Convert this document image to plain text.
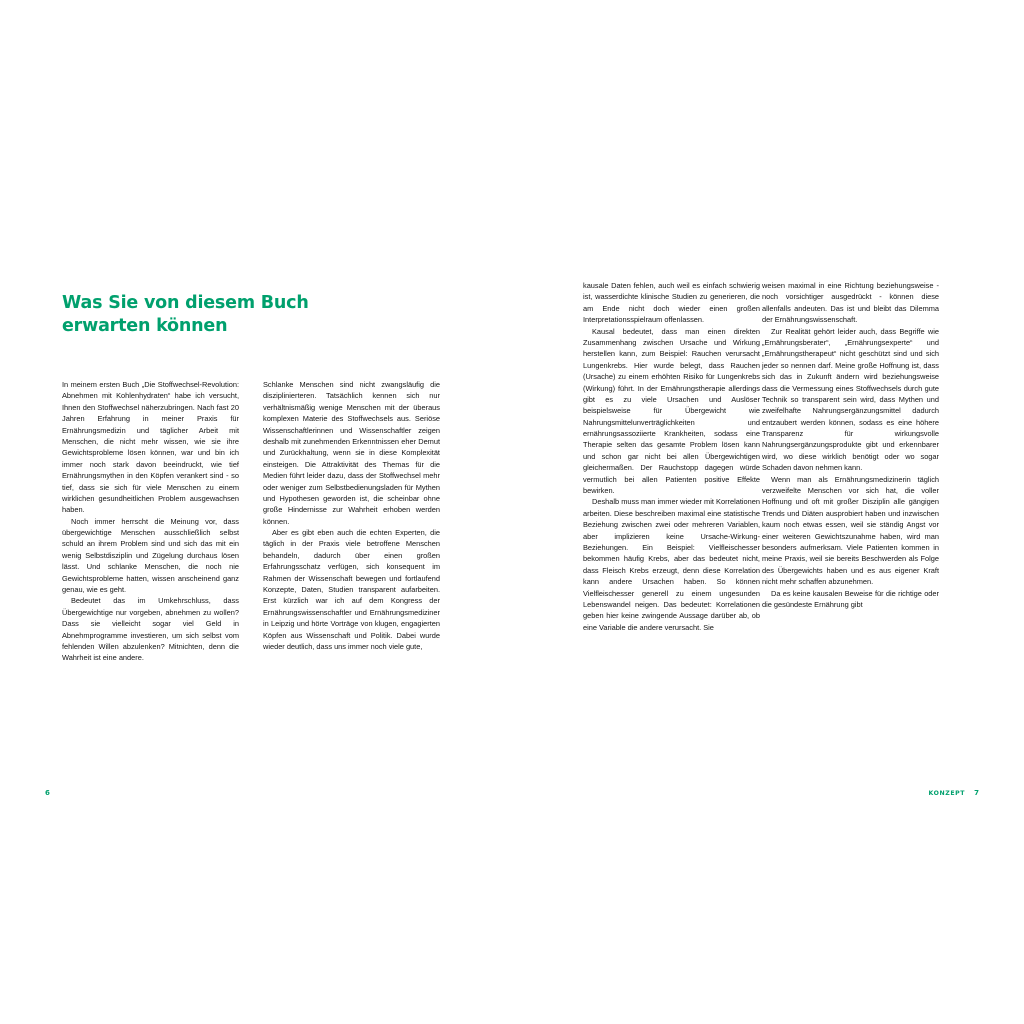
Was Sie von diesem Buch
erwarten können

In meinem ersten Buch „Die Stoffwechsel-Revolution: Abnehmen mit Kohlenhydraten“ habe ich versucht, Ihnen den Stoffwechsel näherzubringen. Nach fast 20 Jahren Erfahrung in meiner Praxis für Ernährungsmedizin und täglicher Arbeit mit Menschen, die nicht mehr wissen, wie sie ihre Gewichtsprobleme lösen können, war und bin ich immer noch stark davon beeindruckt, wie tief Ernährungsmythen in den Köpfen verankert sind - so tief, dass sie sich für viele Menschen zu einem wirklichen gesundheitlichen Problem ausgewachsen haben.

Noch immer herrscht die Meinung vor, dass übergewichtige Menschen ausschließlich selbst schuld an ihrem Problem sind und sich das mit ein wenig Selbstdisziplin und Zügelung durchaus lösen lässt. Und schlanke Menschen, die noch nie Gewichtsprobleme hatten, wissen anscheinend ganz genau, wie es geht.

Bedeutet das im Umkehrschluss, dass Übergewichtige nur vorgeben, abnehmen zu wollen? Dass sie vielleicht sogar viel Geld in Abnehmprogramme investieren, um sich selbst vom fehlenden Willen abzulenken? Mitnichten, denn die Wahrheit ist eine andere.

Schlanke Menschen sind nicht zwangsläufig die disziplinierteren. Tatsächlich kennen sich nur verhältnismäßig wenige Menschen mit der überaus komplexen Materie des Stoffwechsels aus. Seriöse Wissenschaftlerinnen und Wissenschaftler zeigen deshalb mit zunehmenden Erkenntnissen eher Demut und Zurückhaltung, wenn sie in diese Komplexität einsteigen. Die Attraktivität des Themas für die Medien führt leider dazu, dass der Stoffwechsel mehr oder weniger zum Selbstbedienungsladen für Mythen und Hypothesen geworden ist, die scheinbar ohne große Hindernisse zur Wahrheit erhoben werden können.

Aber es gibt eben auch die echten Experten, die täglich in der Praxis viele betroffene Menschen behandeln, dadurch über einen großen Erfahrungsschatz verfügen, sich konsequent im Rahmen der Wissenschaft bewegen und fortlaufend Konzepte, Daten, Studien transparent aufarbeiten. Erst kürzlich war ich auf dem Kongress der Ernährungswissenschaftler und Ernährungsmediziner in Leipzig und hörte Vorträge von klugen, engagierten Köpfen aus Wissenschaft und Politik. Dabei wurde wieder deutlich, dass uns immer noch viele gute,

kausale Daten fehlen, auch weil es einfach schwierig ist, wasserdichte klinische Studien zu generieren, die am Ende nicht doch wieder einen großen Interpretationsspielraum offenlassen.

Kausal bedeutet, dass man einen direkten Zusammenhang zwischen Ursache und Wirkung herstellen kann, zum Beispiel: Rauchen verursacht Lungenkrebs. Hier wurde belegt, dass Rauchen (Ursache) zu einem erhöhten Risiko für Lungenkrebs (Wirkung) führt. In der Ernährungstherapie allerdings gibt es zu viele Ursachen und Auslöser beispielsweise für Übergewicht wie Nahrungsmittelunverträglichkeiten und ernährungsassoziierte Krankheiten, sodass eine Therapie selten das gesamte Problem lösen kann und schon gar nicht bei allen Übergewichtigen gleichermaßen. Der Rauchstopp dagegen würde vermutlich bei allen Patienten positive Effekte bewirken.

Deshalb muss man immer wieder mit Korrelationen arbeiten. Diese beschreiben maximal eine statistische Beziehung zwischen zwei oder mehreren Variablen, aber implizieren keine Ursache-Wirkung-Beziehungen. Ein Beispiel: Vielfleischesser bekommen häufig Krebs, aber das bedeutet nicht, dass Fleisch Krebs erzeugt, denn diese Korrelation kann andere Ursachen haben. So können Vielfleischesser generell zu einem ungesunden Lebenswandel neigen. Das bedeutet: Korrelationen geben hier keine zwingende Aussage darüber ab, ob eine Variable die andere verursacht. Sie

weisen maximal in eine Richtung beziehungsweise - noch vorsichtiger ausgedrückt - können diese allenfalls andeuten. Das ist und bleibt das Dilemma der Ernährungswissenschaft.

Zur Realität gehört leider auch, dass Begriffe wie „Ernährungsberater“, „Ernährungsexperte“ und „Ernährungstherapeut“ nicht geschützt sind und sich jeder so nennen darf. Meine große Hoffnung ist, dass sich das in Zukunft ändern wird beziehungsweise dass die Vermessung eines Stoffwechsels durch gute Technik so transparent sein wird, dass Mythen und zweifelhafte Nahrungsergänzungsmittel dadurch entzaubert werden können, sodass es eine höhere Transparenz für wirkungsvolle Nahrungsergänzungsprodukte gibt und erkennbarer wird, wo diese wirklich benötigt oder wo sogar Schaden davon nehmen kann.

Wenn man als Ernährungsmedizinerin täglich verzweifelte Menschen vor sich hat, die voller Hoffnung und oft mit großer Disziplin alle gängigen Trends und Diäten ausprobiert haben und inzwischen kaum noch etwas essen, weil sie ständig Angst vor einer weiteren Gewichtszunahme haben, wird man besonders aufmerksam. Viele Patienten kommen in meine Praxis, weil sie bereits Beschwerden als Folge des Übergewichts haben und es aus eigener Kraft nicht mehr schaffen abzunehmen.

Da es keine kausalen Beweise für die richtige oder die gesündeste Ernährung gibt

6	KONZEPT 7
